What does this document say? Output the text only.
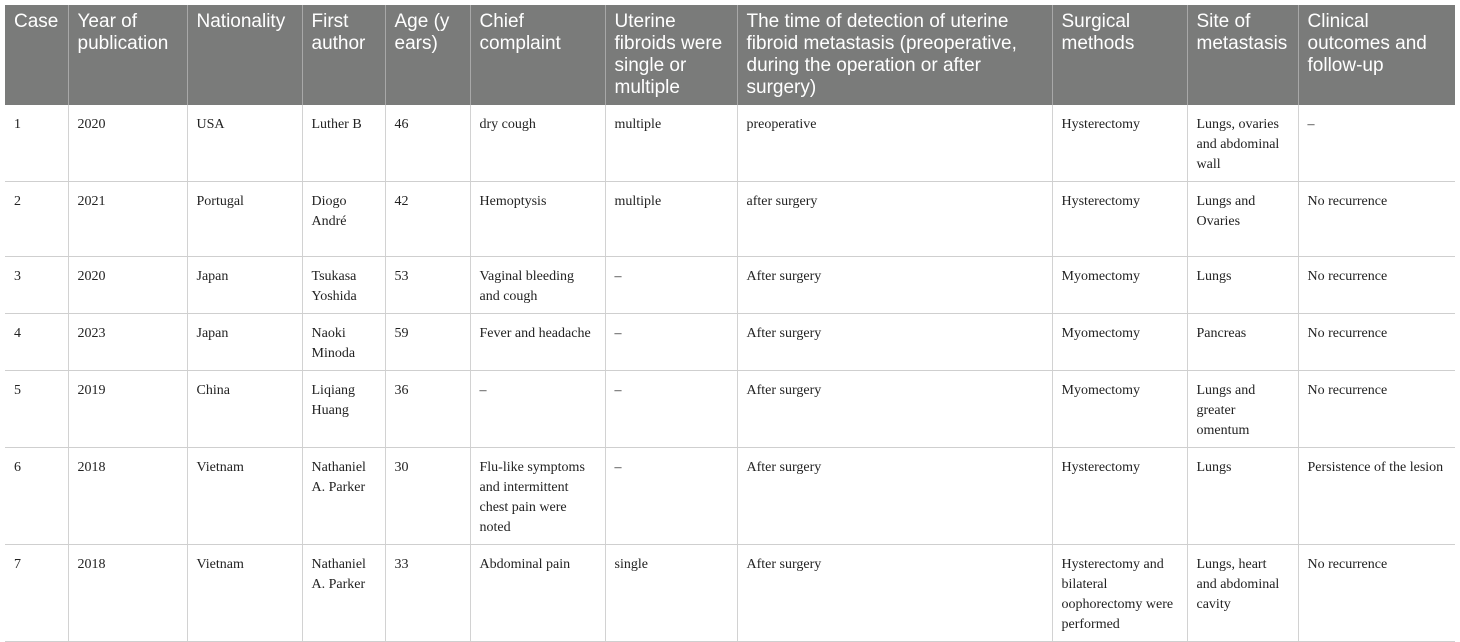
Case	Year of publication	Nationality	First author	Age (y ears)	Chief complaint	Uterine fibroids were single or multiple	The time of detection of uterine fibroid metastasis (preoperative, during the operation or after surgery)	Surgical methods	Site of metastasis	Clinical outcomes and follow-up
1	2020	USA	Luther B	46	dry cough	multiple	preoperative	Hysterectomy	Lungs, ovaries and abdominal wall	–
2	2021	Portugal	Diogo André	42	Hemoptysis	multiple	after surgery	Hysterectomy	Lungs and Ovaries	No recurrence
3	2020	Japan	Tsukasa Yoshida	53	Vaginal bleeding and cough	–	After surgery	Myomectomy	Lungs	No recurrence
4	2023	Japan	Naoki Minoda	59	Fever and headache	–	After surgery	Myomectomy	Pancreas	No recurrence
5	2019	China	Liqiang Huang	36	–	–	After surgery	Myomectomy	Lungs and greater omentum	No recurrence
6	2018	Vietnam	Nathaniel A. Parker	30	Flu-like symptoms and intermittent chest pain were noted	–	After surgery	Hysterectomy	Lungs	Persistence of the lesion
7	2018	Vietnam	Nathaniel A. Parker	33	Abdominal pain	single	After surgery	Hysterectomy and bilateral oophorectomy were performed	Lungs, heart and abdominal cavity	No recurrence
